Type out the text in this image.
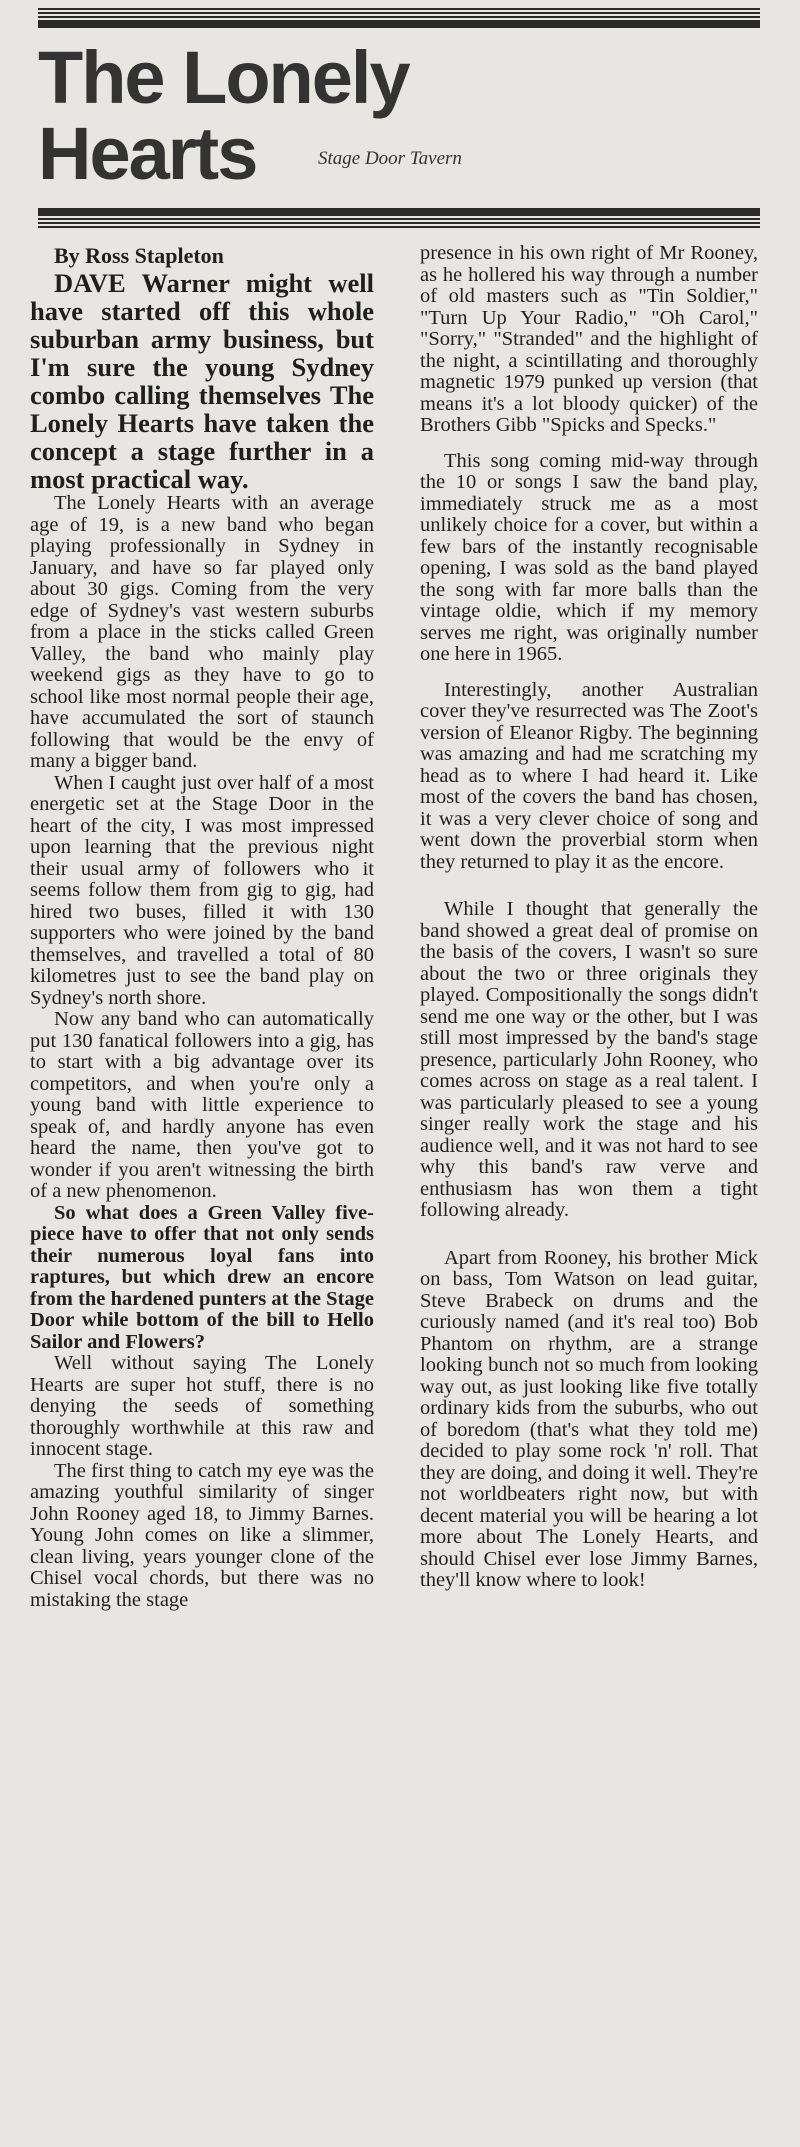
The Lonely
Hearts	Stage Door Tavern

By Ross Stapleton

DAVE Warner might well have started off this whole suburban army business, but I'm sure the young Sydney combo calling themselves The Lonely Hearts have taken the concept a stage further in a most practical way.

The Lonely Hearts with an average age of 19, is a new band who began playing professionally in Sydney in January, and have so far played only about 30 gigs. Coming from the very edge of Sydney's vast western suburbs from a place in the sticks called Green Valley, the band who mainly play weekend gigs as they have to go to school like most normal people their age, have accumulated the sort of staunch following that would be the envy of many a bigger band.

When I caught just over half of a most energetic set at the Stage Door in the heart of the city, I was most impressed upon learning that the previous night their usual army of followers who it seems follow them from gig to gig, had hired two buses, filled it with 130 supporters who were joined by the band themselves, and travelled a total of 80 kilometres just to see the band play on Sydney's north shore.

Now any band who can automatically put 130 fanatical followers into a gig, has to start with a big advantage over its competitors, and when you're only a young band with little experience to speak of, and hardly anyone has even heard the name, then you've got to wonder if you aren't witnessing the birth of a new phenomenon.

So what does a Green Valley five-piece have to offer that not only sends their numerous loyal fans into raptures, but which drew an encore from the hardened punters at the Stage Door while bottom of the bill to Hello Sailor and Flowers?

Well without saying The Lonely Hearts are super hot stuff, there is no denying the seeds of something thoroughly worthwhile at this raw and innocent stage.

The first thing to catch my eye was the amazing youthful similarity of singer John Rooney aged 18, to Jimmy Barnes. Young John comes on like a slimmer, clean living, years younger clone of the Chisel vocal chords, but there was no mistaking the stage

presence in his own right of Mr Rooney, as he hollered his way through a number of old masters such as "Tin Soldier," "Turn Up Your Radio," "Oh Carol," "Sorry," "Stranded" and the highlight of the night, a scintillating and thoroughly magnetic 1979 punked up version (that means it's a lot bloody quicker) of the Brothers Gibb "Spicks and Specks."

This song coming mid-way through the 10 or songs I saw the band play, immediately struck me as a most unlikely choice for a cover, but within a few bars of the instantly recognisable opening, I was sold as the band played the song with far more balls than the vintage oldie, which if my memory serves me right, was originally number one here in 1965.

Interestingly, another Australian cover they've resurrected was The Zoot's version of Eleanor Rigby. The beginning was amazing and had me scratching my head as to where I had heard it. Like most of the covers the band has chosen, it was a very clever choice of song and went down the proverbial storm when they returned to play it as the encore.

While I thought that generally the band showed a great deal of promise on the basis of the covers, I wasn't so sure about the two or three originals they played. Compositionally the songs didn't send me one way or the other, but I was still most impressed by the band's stage presence, particularly John Rooney, who comes across on stage as a real talent. I was particularly pleased to see a young singer really work the stage and his audience well, and it was not hard to see why this band's raw verve and enthusiasm has won them a tight following already.

Apart from Rooney, his brother Mick on bass, Tom Watson on lead guitar, Steve Brabeck on drums and the curiously named (and it's real too) Bob Phantom on rhythm, are a strange looking bunch not so much from looking way out, as just looking like five totally ordinary kids from the suburbs, who out of boredom (that's what they told me) decided to play some rock 'n' roll. That they are doing, and doing it well. They're not worldbeaters right now, but with decent material you will be hearing a lot more about The Lonely Hearts, and should Chisel ever lose Jimmy Barnes, they'll know where to look!
